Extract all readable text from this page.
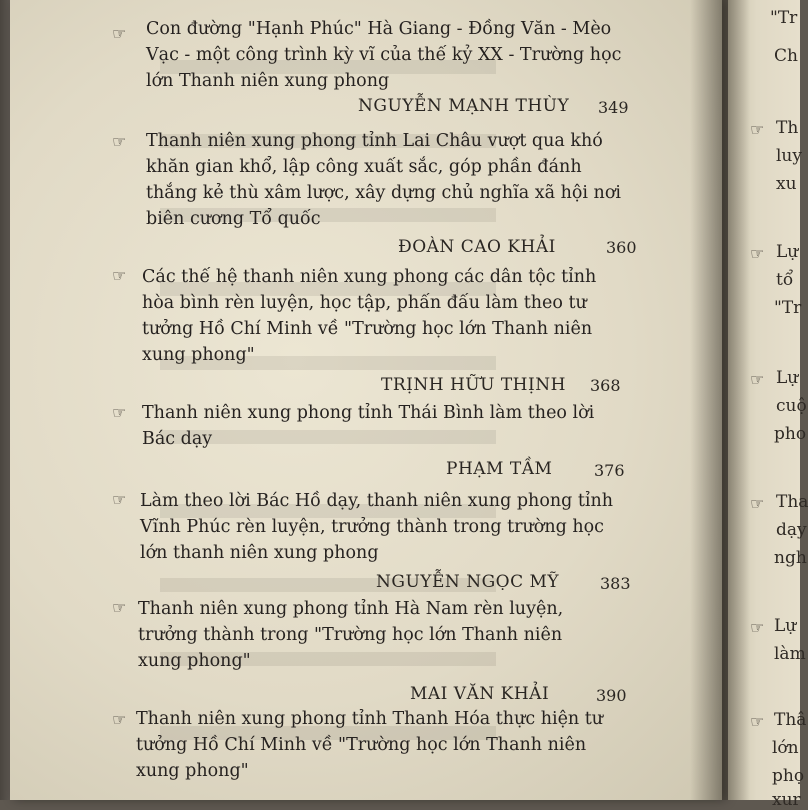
☞	Con đường "Hạnh Phúc" Hà Giang - Đồng Văn - Mèo
Vạc - một công trình kỳ vĩ của thế kỷ XX - Trường học
lớn Thanh niên xung phong
NGUYỄN MẠNH THÙY 349
☞	Thanh niên xung phong tỉnh Lai Châu vượt qua khó
khăn gian khổ, lập công xuất sắc, góp phần đánh
thắng kẻ thù xâm lược, xây dựng chủ nghĩa xã hội nơi
biên cương Tổ quốc
ĐOÀN CAO KHẢI	360
☞ Các thế hệ thanh niên xung phong các dân tộc tỉnh
hòa bình rèn luyện, học tập, phấn đấu làm theo tư
tưởng Hồ Chí Minh về "Trường học lớn Thanh niên
xung phong"
TRỊNH HỮU THỊNH 368
☞ Thanh niên xung phong tỉnh Thái Bình làm theo lời
Bác dạy
PHẠM TẦM	376
☞ Làm theo lời Bác Hồ dạy, thanh niên xung phong tỉnh
Vĩnh Phúc rèn luyện, trưởng thành trong trường học
lớn thanh niên xung phong
NGUYỄN NGỌC MỸ	383
☞ Thanh niên xung phong tỉnh Hà Nam rèn luyện,
trưởng thành trong "Trường học lớn Thanh niên
xung phong"
MAI VĂN KHẢI	390
☞ Thanh niên xung phong tỉnh Thanh Hóa thực hiện tư
tưởng Hồ Chí Minh về "Trường học lớn Thanh niên
xung phong"
"Tr
Ch
☞ Th
luy
xu
☞ Lự
tổ
"Tr
☞ Lự
cuộ
pho
☞ Tha
dạy
ngh
☞ Lự
làm
☞ Thâ
lớn
phọ
xur
